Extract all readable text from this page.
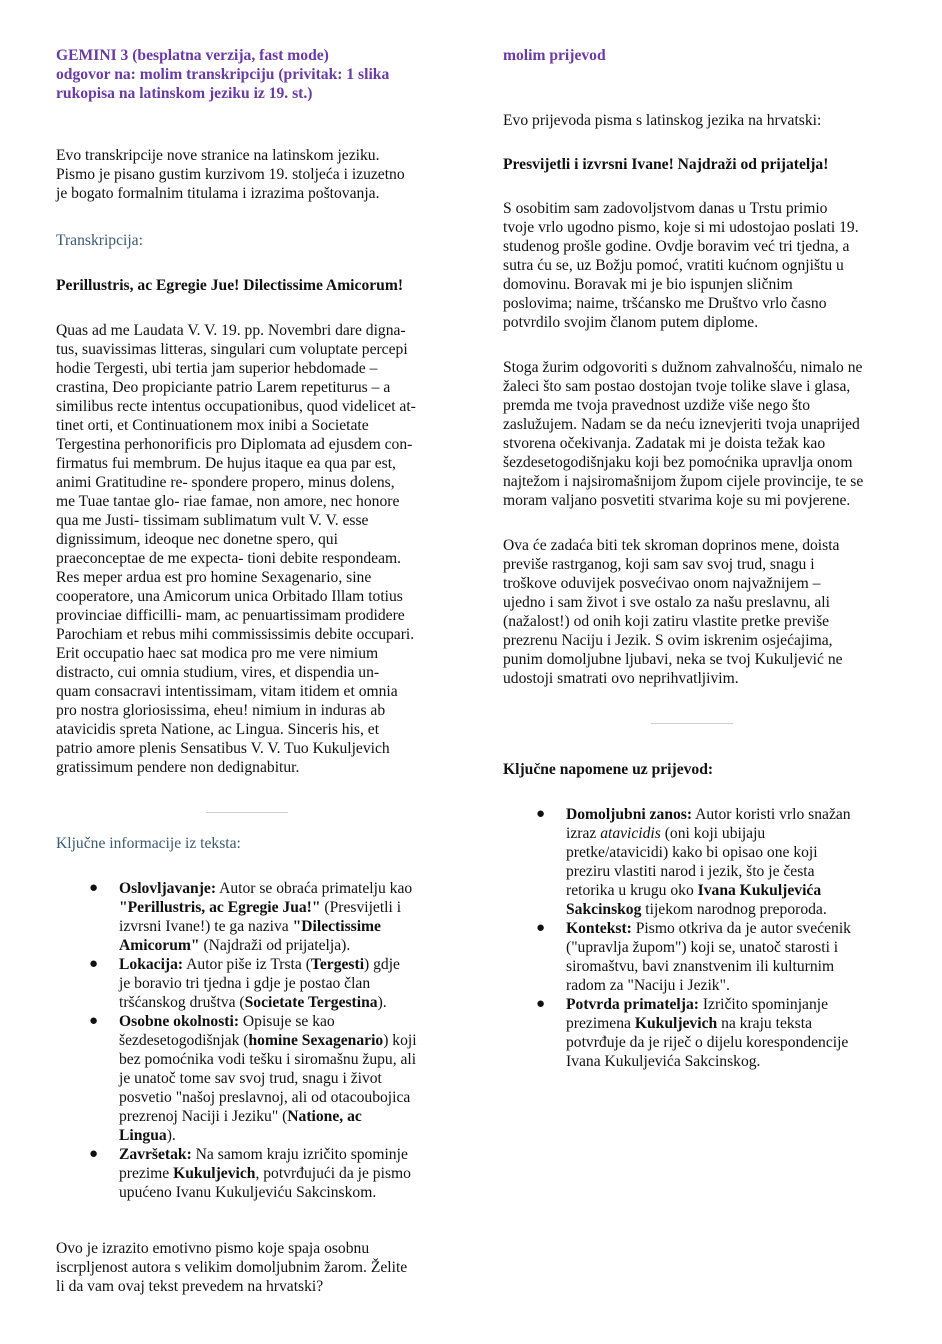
GEMINI 3 (besplatna verzija, fast mode)
odgovor na: molim transkripciju (privitak: 1 slika
rukopisa na latinskom jeziku iz 19. st.)
Evo transkripcije nove stranice na latinskom jeziku.
Pismo je pisano gustim kurzivom 19. stoljeća i izuzetno
je bogato formalnim titulama i izrazima poštovanja.
Transkripcija:
Perillustris, ac Egregie Jue! Dilectissime Amicorum!
Quas ad me Laudata V. V. 19. pp. Novembri dare digna-
tus, suavissimas litteras, singulari cum voluptate percepi
hodie Tergesti, ubi tertia jam superior hebdomade –
crastina, Deo propiciante patrio Larem repetiturus – a
similibus recte intentus occupationibus, quod videlicet at-
tinet orti, et Continuationem mox inibi a Societate
Tergestina perhonorificis pro Diplomata ad ejusdem con-
firmatus fui membrum. De hujus itaque ea qua par est,
animi Gratitudine re- spondere propero, minus dolens,
me Tuae tantae glo- riae famae, non amore, nec honore
qua me Justi- tissimam sublimatum vult V. V. esse
dignissimum, ideoque nec donetne spero, qui
praeconceptae de me expecta- tioni debite respondeam.
Res meper ardua est pro homine Sexagenario, sine
cooperatore, una Amicorum unica Orbitado Illam totius
provinciae difficilli- mam, ac penuartissimam prodidere
Parochiam et rebus mihi commississimis debite occupari.
Erit occupatio haec sat modica pro me vere nimium
distracto, cui omnia studium, vires, et dispendia un-
quam consacravi intentissimam, vitam itidem et omnia
pro nostra gloriosissima, eheu! nimium in induras ab
atavicidis spreta Natione, ac Lingua. Sinceris his, et
patrio amore plenis Sensatibus V. V. Tuo Kukuljevich
gratissimum pendere non dedignabitur.
Ključne informacije iz teksta:
● Oslovljavanje: Autor se obraća primatelju kao
"Perillustris, ac Egregie Jua!" (Presvijetli i
izvrsni Ivane!) te ga naziva "Dilectissime
Amicorum" (Najdraži od prijatelja).
● Lokacija: Autor piše iz Trsta (Tergesti) gdje
je boravio tri tjedna i gdje je postao član
tršćanskog društva (Societate Tergestina).
● Osobne okolnosti: Opisuje se kao
šezdesetogodišnjak (homine Sexagenario) koji
bez pomoćnika vodi tešku i siromašnu župu, ali
je unatoč tome sav svoj trud, snagu i život
posvetio "našoj preslavnoj, ali od otacoubojica
prezrenoj Naciji i Jeziku" (Natione, ac
Lingua).
● Završetak: Na samom kraju izričito spominje
prezime Kukuljevich, potvrđujući da je pismo
upućeno Ivanu Kukuljeviću Sakcinskom.
Ovo je izrazito emotivno pismo koje spaja osobnu
iscrpljenost autora s velikim domoljubnim žarom. Želite
li da vam ovaj tekst prevedem na hrvatski?
molim prijevod
Evo prijevoda pisma s latinskog jezika na hrvatski:
Presvijetli i izvrsni Ivane! Najdraži od prijatelja!
S osobitim sam zadovoljstvom danas u Trstu primio
tvoje vrlo ugodno pismo, koje si mi udostojao poslati 19.
studenog prošle godine. Ovdje boravim već tri tjedna, a
sutra ću se, uz Božju pomoć, vratiti kućnom ognjištu u
domovinu. Boravak mi je bio ispunjen sličnim
poslovima; naime, tršćansko me Društvo vrlo časno
potvrdilo svojim članom putem diplome.
Stoga žurim odgovoriti s dužnom zahvalnošću, nimalo ne
žaleci što sam postao dostojan tvoje tolike slave i glasa,
premda me tvoja pravednost uzdiže više nego što
zaslužujem. Nadam se da neću iznevjeriti tvoja unaprijed
stvorena očekivanja. Zadatak mi je doista težak kao
šezdesetogodišnjaku koji bez pomoćnika upravlja onom
najtežom i najsiromašnijom župom cijele provincije, te se
moram valjano posvetiti stvarima koje su mi povjerene.
Ova će zadaća biti tek skroman doprinos mene, doista
previše rastrganog, koji sam sav svoj trud, snagu i
troškove oduvijek posvećivao onom najvažnijem –
ujedno i sam život i sve ostalo za našu preslavnu, ali
(nažalost!) od onih koji zatiru vlastite pretke previše
prezrenu Naciju i Jezik. S ovim iskrenim osjećajima,
punim domoljubne ljubavi, neka se tvoj Kukuljević ne
udostoji smatrati ovo neprihvatljivim.
Ključne napomene uz prijevod:
● Domoljubni zanos: Autor koristi vrlo snažan
izraz atavicidis (oni koji ubijaju
pretke/atavicidi) kako bi opisao one koji
preziru vlastiti narod i jezik, što je česta
retorika u krugu oko Ivana Kukuljevića
Sakcinskog tijekom narodnog preporoda.
● Kontekst: Pismo otkriva da je autor svećenik
("upravlja župom") koji se, unatoč starosti i
siromaštvu, bavi znanstvenim ili kulturnim
radom za "Naciju i Jezik".
● Potvrda primatelja: Izričito spominjanje
prezimena Kukuljevich na kraju teksta
potvrđuje da je riječ o dijelu korespondencije
Ivana Kukuljevića Sakcinskog.
